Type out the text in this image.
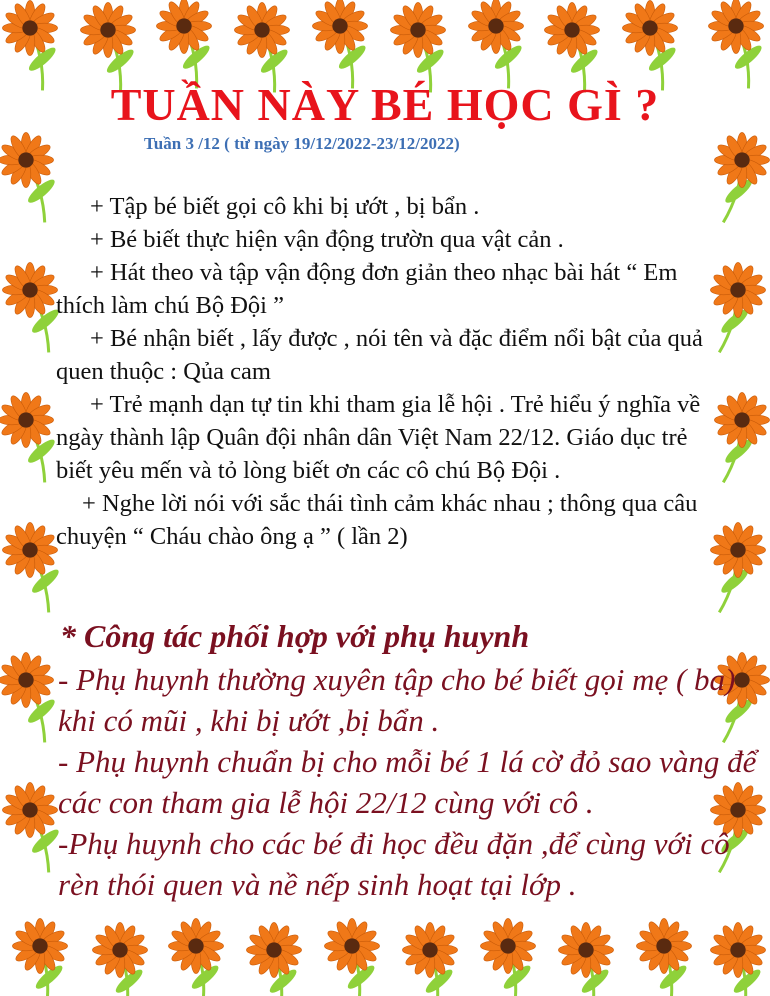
TUẦN NÀY BÉ HỌC GÌ ?
Tuần 3 /12 ( từ ngày 19/12/2022-23/12/2022)

+ Tập bé biết gọi cô khi bị ướt , bị bẩn .

+ Bé biết thực hiện vận động trườn qua vật cản .

+ Hát theo và tập vận động đơn giản theo nhạc bài hát “ Em thích làm chú Bộ Đội ”

+ Bé nhận biết , lấy được , nói tên và đặc điểm nổi bật của quả quen thuộc : Qủa cam

+ Trẻ mạnh dạn tự tin khi tham gia lễ hội . Trẻ hiểu ý nghĩa về ngày thành lập Quân đội nhân dân Việt Nam 22/12. Giáo dục trẻ biết yêu mến và tỏ lòng biết ơn các cô chú Bộ Đội .

+ Nghe lời nói với sắc thái tình cảm khác nhau ; thông qua câu chuyện “ Cháu chào ông ạ ” ( lần 2)

* Công tác phối hợp với phụ huynh

- Phụ huynh thường xuyên tập cho bé biết gọi mẹ ( ba) khi có mũi , khi bị ướt ,bị bẩn .

- Phụ huynh chuẩn bị cho mỗi bé 1 lá cờ đỏ sao vàng để các con tham gia lễ hội 22/12 cùng với cô .

-Phụ huynh cho các bé đi học đều đặn ,để cùng với cô rèn thói quen và nề nếp sinh hoạt tại lớp .
